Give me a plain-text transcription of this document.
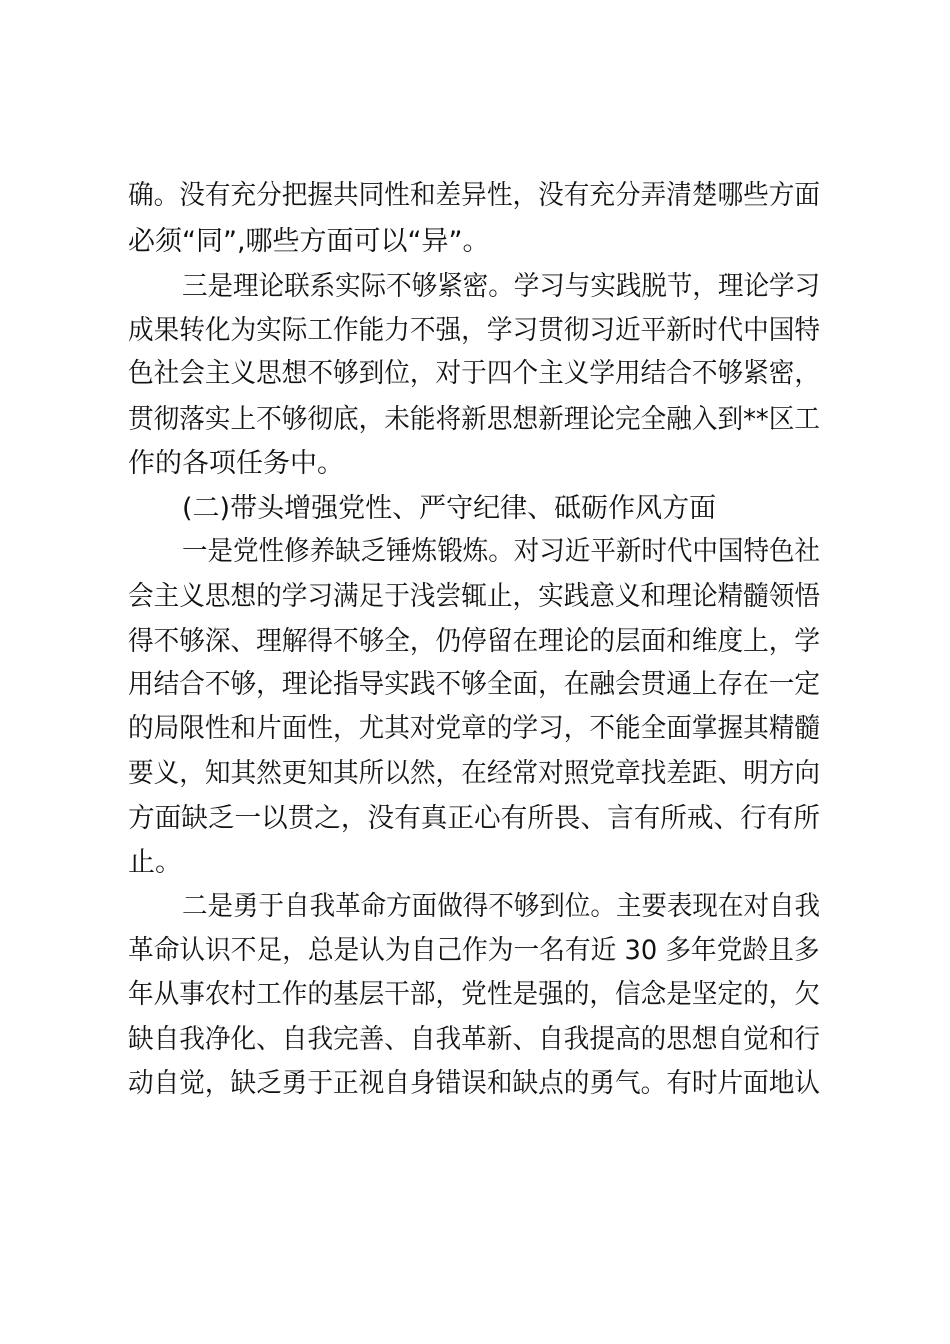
确。没有充分把握共同性和差异性，没有充分弄清楚哪些方面
必须“同”,哪些方面可以“异”。
三是理论联系实际不够紧密。学习与实践脱节，理论学习
成果转化为实际工作能力不强，学习贯彻习近平新时代中国特
色社会主义思想不够到位，对于四个主义学用结合不够紧密，
贯彻落实上不够彻底，未能将新思想新理论完全融入到**区工
作的各项任务中。
(二)带头增强党性、严守纪律、砥砺作风方面
一是党性修养缺乏锤炼锻炼。对习近平新时代中国特色社
会主义思想的学习满足于浅尝辄止，实践意义和理论精髓领悟
得不够深、理解得不够全，仍停留在理论的层面和维度上，学
用结合不够，理论指导实践不够全面，在融会贯通上存在一定
的局限性和片面性，尤其对党章的学习，不能全面掌握其精髓
要义，知其然更知其所以然，在经常对照党章找差距、明方向
方面缺乏一以贯之，没有真正心有所畏、言有所戒、行有所
止。
二是勇于自我革命方面做得不够到位。主要表现在对自我
革命认识不足，总是认为自己作为一名有近 30 多年党龄且多
年从事农村工作的基层干部，党性是强的，信念是坚定的，欠
缺自我净化、自我完善、自我革新、自我提高的思想自觉和行
动自觉，缺乏勇于正视自身错误和缺点的勇气。有时片面地认
